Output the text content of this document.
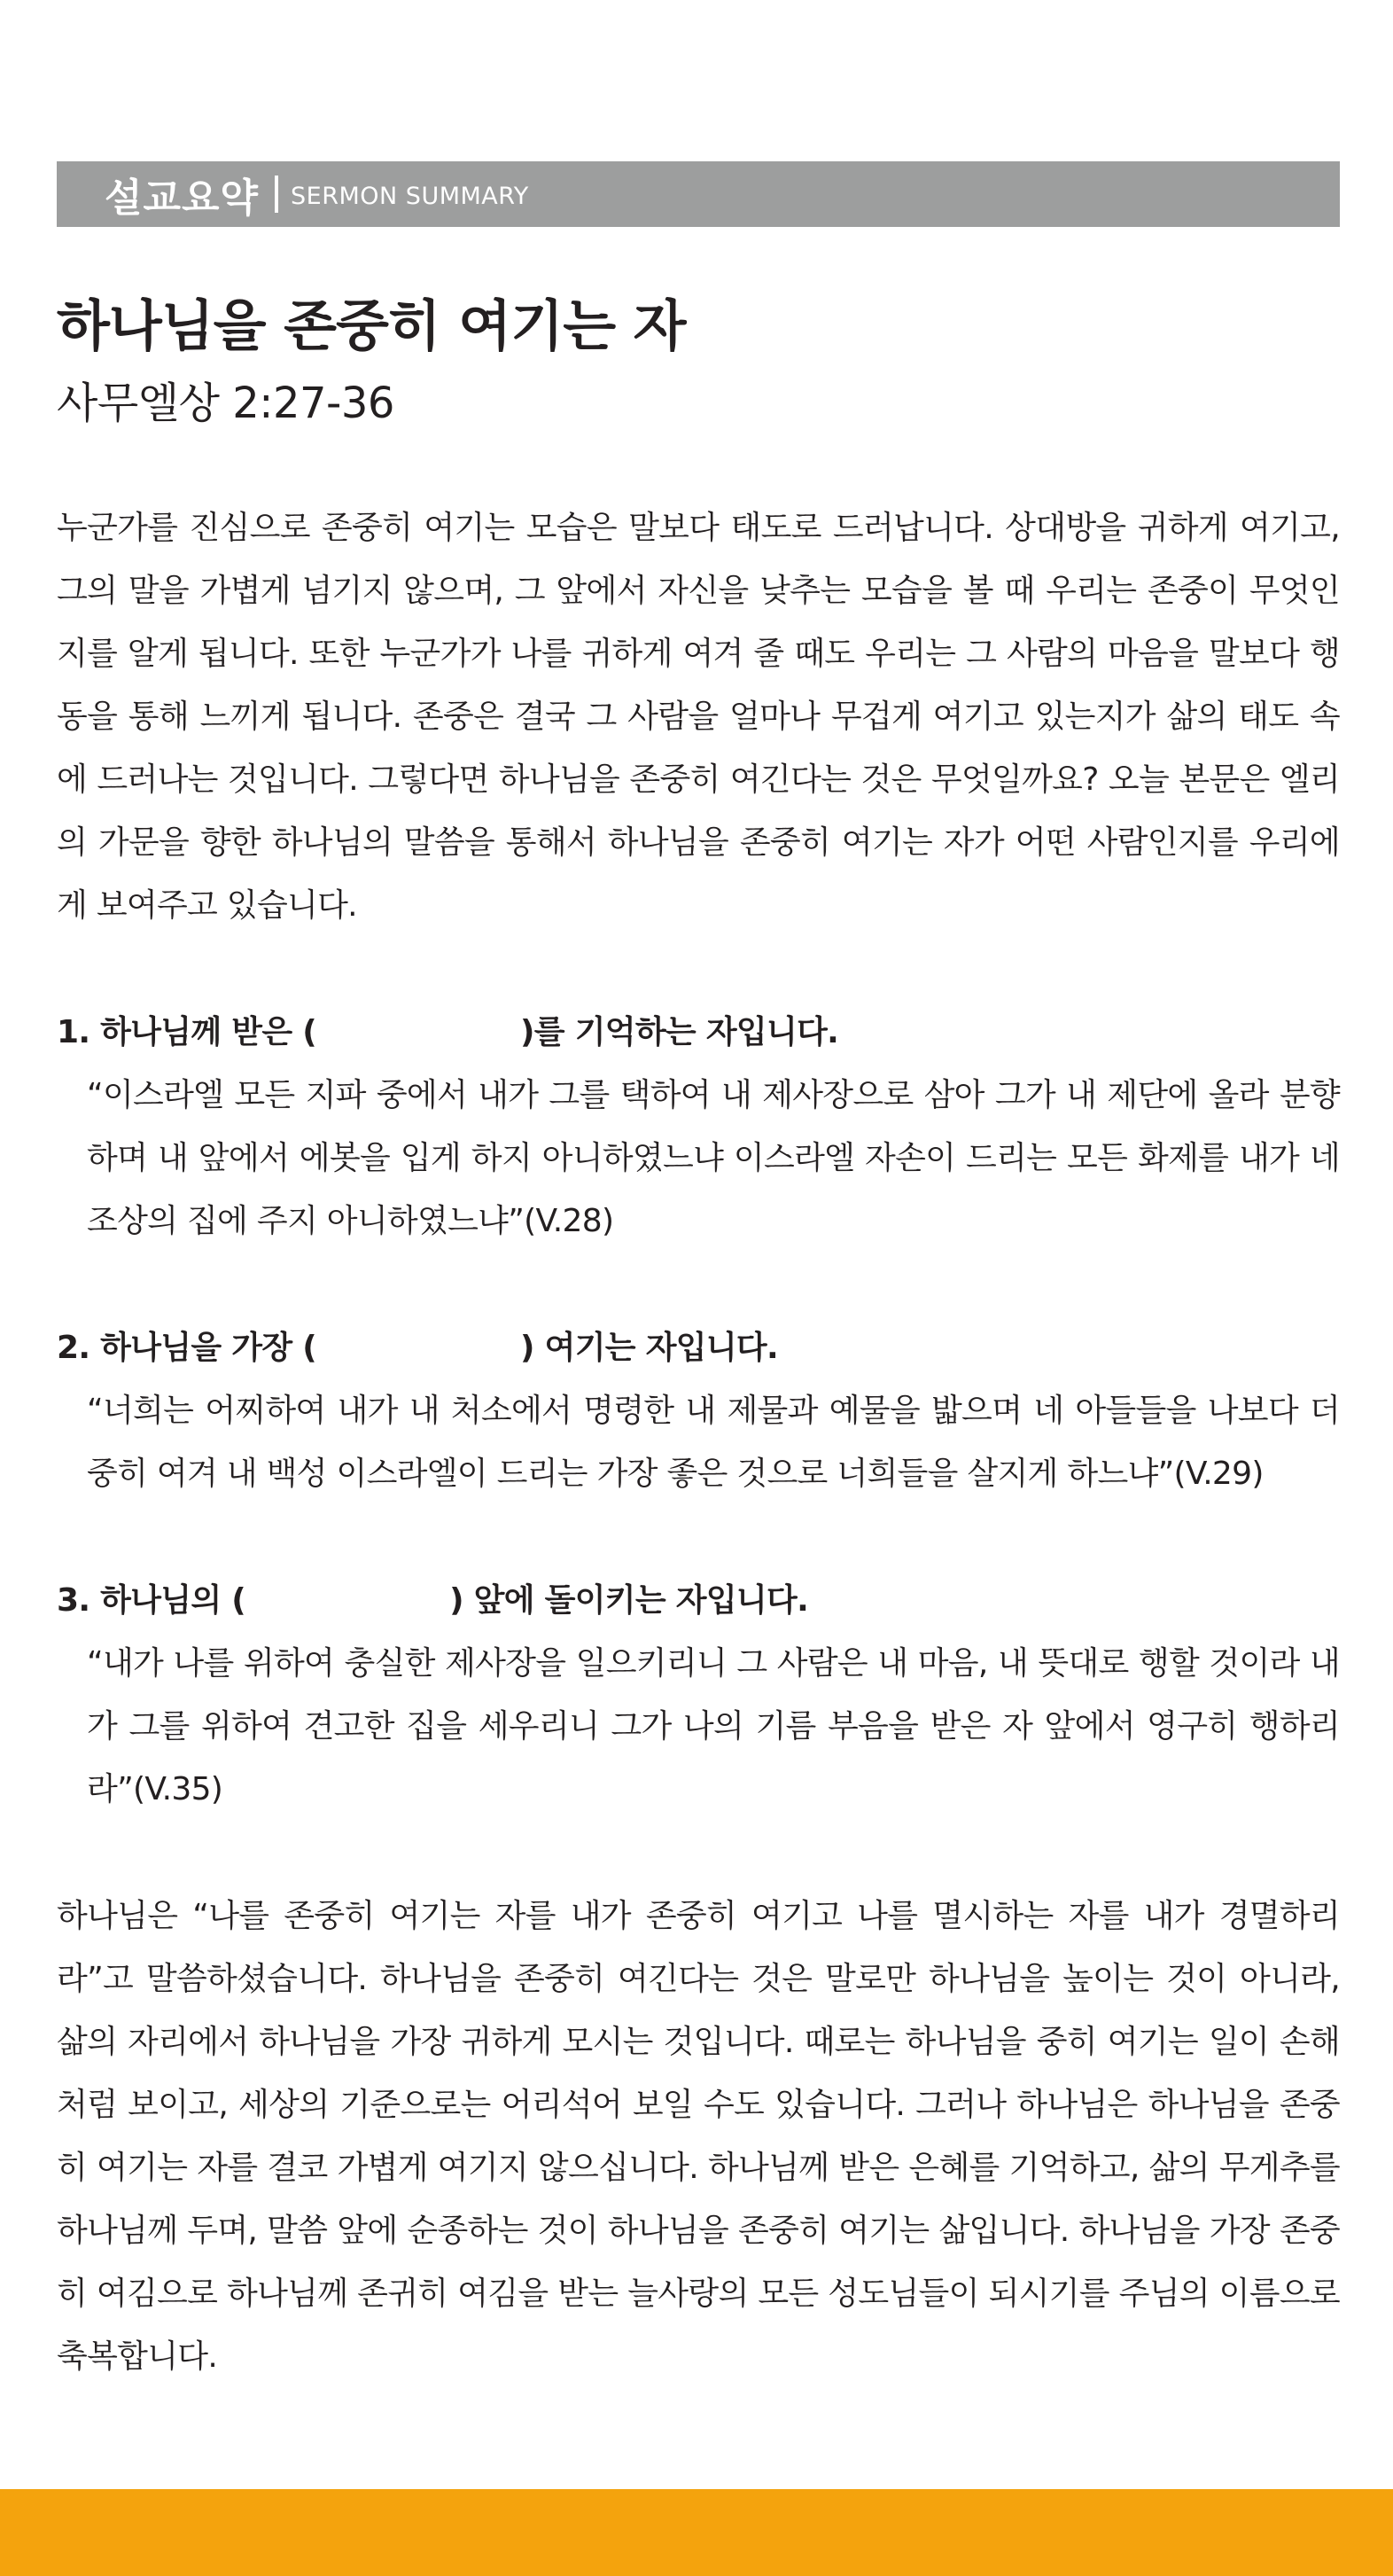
설교요약 SERMON SUMMARY
하나님을 존중히 여기는 자
사무엘상 2:27-36

누군가를 진심으로 존중히 여기는 모습은 말보다 태도로 드러납니다. 상대방을 귀하게 여기고, 그의 말을 가볍게 넘기지 않으며, 그 앞에서 자신을 낮추는 모습을 볼 때 우리는 존중이 무엇인지를 알게 됩니다. 또한 누군가가 나를 귀하게 여겨 줄 때도 우리는 그 사람의 마음을 말보다 행동을 통해 느끼게 됩니다. 존중은 결국 그 사람을 얼마나 무겁게 여기고 있는지가 삶의 태도 속에 드러나는 것입니다. 그렇다면 하나님을 존중히 여긴다는 것은 무엇일까요? 오늘 본문은 엘리의 가문을 향한 하나님의 말씀을 통해서 하나님을 존중히 여기는 자가 어떤 사람인지를 우리에게 보여주고 있습니다.

1. 하나님께 받은 (	)를 기억하는 자입니다.

“이스라엘 모든 지파 중에서 내가 그를 택하여 내 제사장으로 삼아 그가 내 제단에 올라 분향하며 내 앞에서 에봇을 입게 하지 아니하였느냐 이스라엘 자손이 드리는 모든 화제를 내가 네 조상의 집에 주지 아니하였느냐”(V.28)

2. 하나님을 가장 (	) 여기는 자입니다.

“너희는 어찌하여 내가 내 처소에서 명령한 내 제물과 예물을 밟으며 네 아들들을 나보다 더 중히 여겨 내 백성 이스라엘이 드리는 가장 좋은 것으로 너희들을 살지게 하느냐”(V.29)

3. 하나님의 (	) 앞에 돌이키는 자입니다.

“내가 나를 위하여 충실한 제사장을 일으키리니 그 사람은 내 마음, 내 뜻대로 행할 것이라 내가 그를 위하여 견고한 집을 세우리니 그가 나의 기름 부음을 받은 자 앞에서 영구히 행하리라”(V.35)

하나님은 “나를 존중히 여기는 자를 내가 존중히 여기고 나를 멸시하는 자를 내가 경멸하리라”고 말씀하셨습니다. 하나님을 존중히 여긴다는 것은 말로만 하나님을 높이는 것이 아니라, 삶의 자리에서 하나님을 가장 귀하게 모시는 것입니다. 때로는 하나님을 중히 여기는 일이 손해처럼 보이고, 세상의 기준으로는 어리석어 보일 수도 있습니다. 그러나 하나님은 하나님을 존중히 여기는 자를 결코 가볍게 여기지 않으십니다. 하나님께 받은 은혜를 기억하고, 삶의 무게추를 하나님께 두며, 말씀 앞에 순종하는 것이 하나님을 존중히 여기는 삶입니다. 하나님을 가장 존중히 여김으로 하나님께 존귀히 여김을 받는 늘사랑의 모든 성도님들이 되시기를 주님의 이름으로 축복합니다.
